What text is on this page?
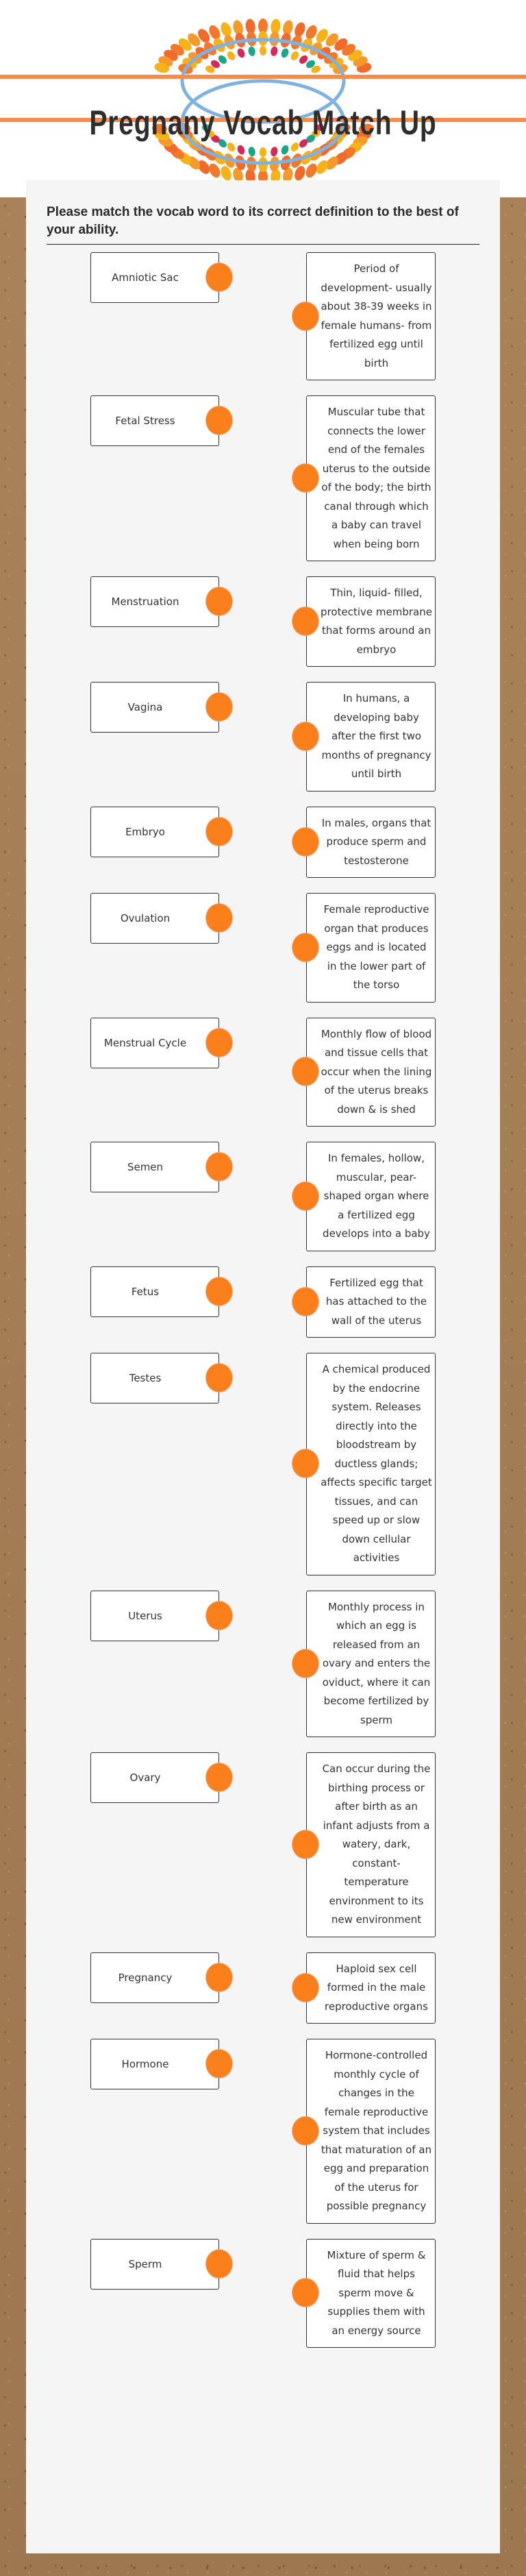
Pregnany Vocab Match Up
Please match the vocab word to its correct definition to the best of your ability.
Amniotic Sac
Period of development- usually about 38-39 weeks in female humans- from fertilized egg until birth
Fetal Stress
Muscular tube that connects the lower end of the females uterus to the outside of the body; the birth canal through which a baby can travel when being born
Menstruation
Thin, liquid- filled, protective membrane that forms around an embryo
Vagina
In humans, a developing baby after the first two months of pregnancy until birth
Embryo
In males, organs that produce sperm and testosterone
Ovulation
Female reproductive organ that produces eggs and is located in the lower part of the torso
Menstrual Cycle
Monthly flow of blood and tissue cells that occur when the lining of the uterus breaks down & is shed
Semen
In females, hollow, muscular, pear-shaped organ where a fertilized egg develops into a baby
Fetus
Fertilized egg that has attached to the wall of the uterus
Testes
A chemical produced by the endocrine system. Releases directly into the bloodstream by ductless glands; affects specific target tissues, and can speed up or slow down cellular activities
Uterus
Monthly process in which an egg is released from an ovary and enters the oviduct, where it can become fertilized by sperm
Ovary
Can occur during the birthing process or after birth as an infant adjusts from a watery, dark, constant-temperature environment to its new environment
Pregnancy
Haploid sex cell formed in the male reproductive organs
Hormone
Hormone-controlled monthly cycle of changes in the female reproductive system that includes that maturation of an egg and preparation of the uterus for possible pregnancy
Sperm
Mixture of sperm & fluid that helps sperm move & supplies them with an energy source
